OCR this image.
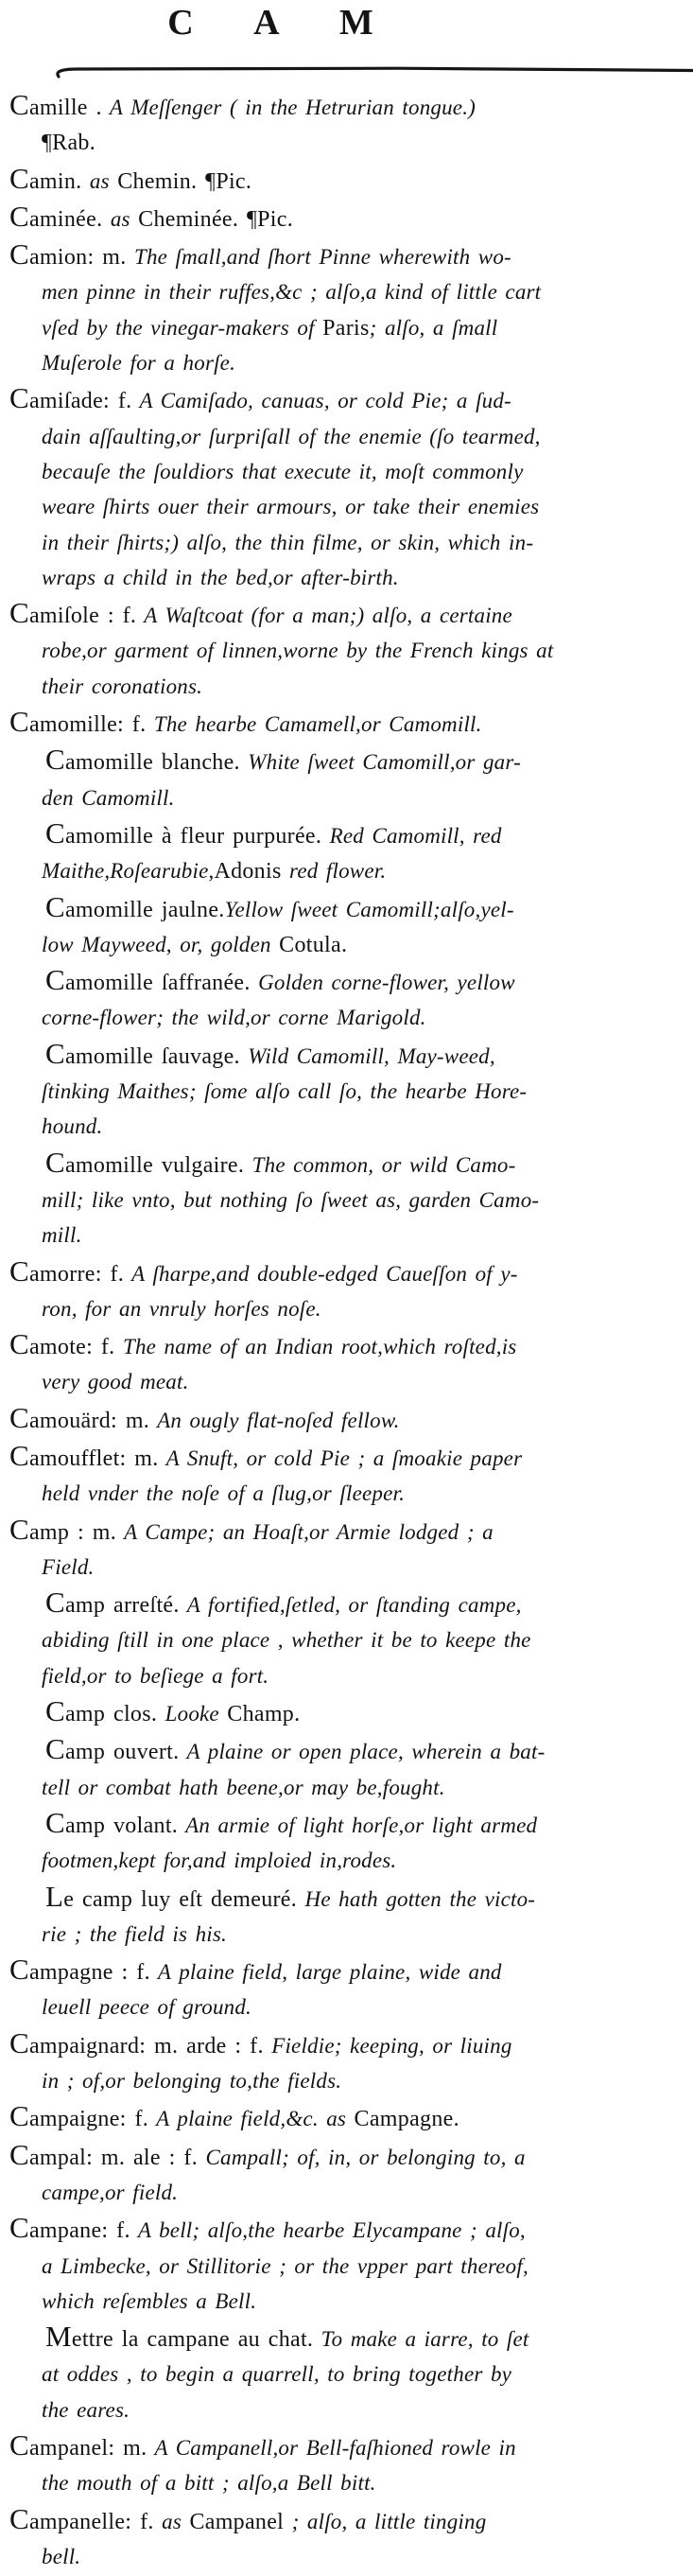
C A M
Camille . A Meſſenger ( in the Hetrurian tongue.)
¶Rab.
Camin. as Chemin. ¶Pic.
Caminée. as Cheminée. ¶Pic.
Camion: m. The ſmall,and ſhort Pinne wherewith wo-
men pinne in their ruffes,&c ; alſo,a kind of little cart
vſed by the vinegar-makers of Paris; alſo, a ſmall
Muſerole for a horſe.
Camiſade: f. A Camiſado, canuas, or cold Pie; a ſud-
dain aſſaulting,or ſurpriſall of the enemie (ſo tearmed,
becauſe the ſouldiors that execute it, moſt commonly
weare ſhirts ouer their armours, or take their enemies
in their ſhirts;) alſo, the thin filme, or skin, which in-
wraps a child in the bed,or after-birth.
Camiſole : f. A Waſtcoat (for a man;) alſo, a certaine
robe,or garment of linnen,worne by the French kings at
their coronations.
Camomille: f. The hearbe Camamell,or Camomill.
Camomille blanche. White ſweet Camomill,or gar-
den Camomill.
Camomille à fleur purpurée. Red Camomill, red
Maithe,Roſearubie,Adonis red flower.
Camomille jaulne.Yellow ſweet Camomill;alſo,yel-
low Mayweed, or, golden Cotula.
Camomille ſaffranée. Golden corne-flower, yellow
corne-flower; the wild,or corne Marigold.
Camomille ſauvage. Wild Camomill, May-weed,
ſtinking Maithes; ſome alſo call ſo, the hearbe Hore-
hound.
Camomille vulgaire. The common, or wild Camo-
mill; like vnto, but nothing ſo ſweet as, garden Camo-
mill.
Camorre: f. A ſharpe,and double-edged Caueſſon of y-
ron, for an vnruly horſes noſe.
Camote: f. The name of an Indian root,which roſted,is
very good meat.
Camouärd: m. An ougly flat-noſed fellow.
Camoufflet: m. A Snuft, or cold Pie ; a ſmoakie paper
held vnder the noſe of a ſlug,or ſleeper.
Camp : m. A Campe; an Hoaſt,or Armie lodged ; a
Field.
Camp arreſté. A fortified,ſetled, or ſtanding campe,
abiding ſtill in one place , whether it be to keepe the
field,or to beſiege a fort.
Camp clos. Looke Champ.
Camp ouvert. A plaine or open place, wherein a bat-
tell or combat hath beene,or may be,fought.
Camp volant. An armie of light horſe,or light armed
footmen,kept for,and imploied in,rodes.
Le camp luy eſt demeuré. He hath gotten the victo-
rie ; the field is his.
Campagne : f. A plaine field, large plaine, wide and
leuell peece of ground.
Campaignard: m. arde : f. Fieldie; keeping, or liuing
in ; of,or belonging to,the fields.
Campaigne: f. A plaine field,&c. as Campagne.
Campal: m. ale : f. Campall; of, in, or belonging to, a
campe,or field.
Campane: f. A bell; alſo,the hearbe Elycampane ; alſo,
a Limbecke, or Stillitorie ; or the vpper part thereof,
which reſembles a Bell.
Mettre la campane au chat. To make a iarre, to ſet
at oddes , to begin a quarrell, to bring together by
the eares.
Campanel: m. A Campanell,or Bell-faſhioned rowle in
the mouth of a bitt ; alſo,a Bell bitt.
Campanelle: f. as Campanel ; alſo, a little tinging
bell.
